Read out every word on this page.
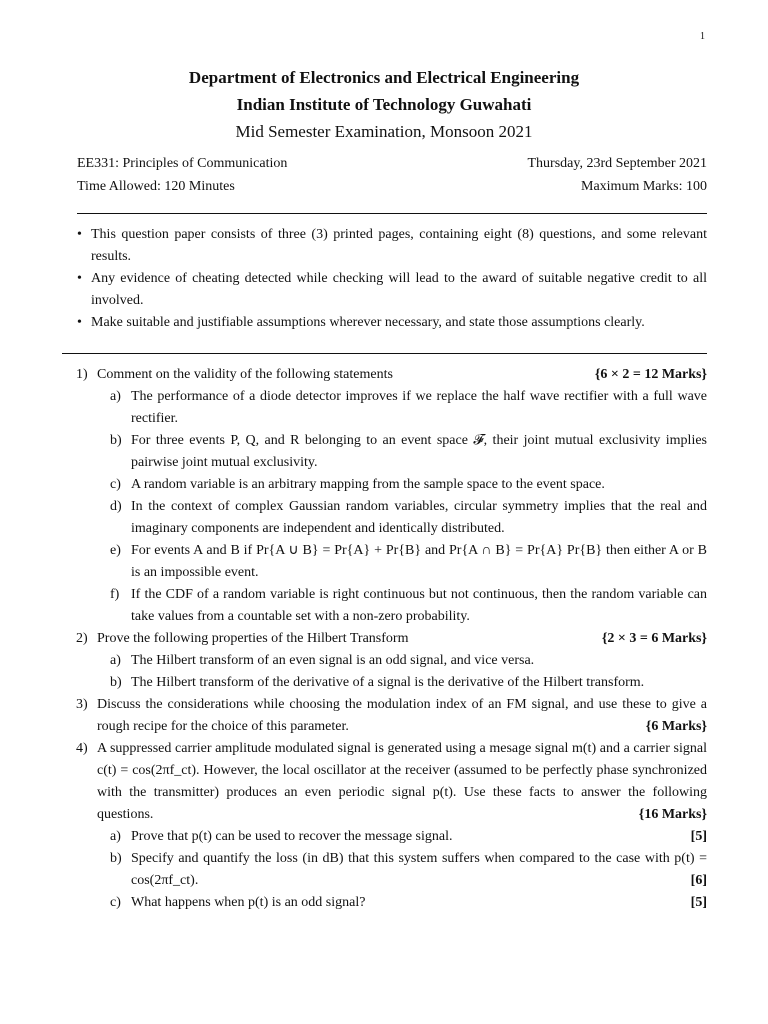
1
Department of Electronics and Electrical Engineering
Indian Institute of Technology Guwahati
Mid Semester Examination, Monsoon 2021
EE331: Principles of Communication	Thursday, 23rd September 2021
Time Allowed: 120 Minutes	Maximum Marks: 100
• This question paper consists of three (3) printed pages, containing eight (8) questions, and some relevant results.
• Any evidence of cheating detected while checking will lead to the award of suitable negative credit to all involved.
• Make suitable and justifiable assumptions wherever necessary, and state those assumptions clearly.
1)	{6 × 2 = 12 Marks}
Comment on the validity of the following statements
a) The performance of a diode detector improves if we replace the half wave rectifier with a full wave rectifier.
b) For three events P, Q, and R belonging to an event space 𝓕, their joint mutual exclusivity implies pairwise joint mutual exclusivity.
c) A random variable is an arbitrary mapping from the sample space to the event space.
d) In the context of complex Gaussian random variables, circular symmetry implies that the real and imaginary components are independent and identically distributed.
e) For events A and B if Pr{A ∪ B} = Pr{A} + Pr{B} and Pr{A ∩ B} = Pr{A} Pr{B} then either A or B is an impossible event.
f) If the CDF of a random variable is right continuous but not continuous, then the random variable can take values from a countable set with a non-zero probability.
2)	{2 × 3 = 6 Marks}
Prove the following properties of the Hilbert Transform
a) The Hilbert transform of an even signal is an odd signal, and vice versa.
b) The Hilbert transform of the derivative of a signal is the derivative of the Hilbert transform.
3) Discuss the considerations while choosing the modulation index of an FM signal, and use these to give a rough recipe for the choice of this parameter.	{6 Marks}
4) A suppressed carrier amplitude modulated signal is generated using a mesage signal m(t) and a carrier signal c(t) = cos(2πf_ct). However, the local oscillator at the receiver (assumed to be perfectly phase synchronized with the transmitter) produces an even periodic signal p(t). Use these facts to answer the following questions.	{16 Marks}
a) Prove that p(t) can be used to recover the message signal.	[5]
b) Specify and quantify the loss (in dB) that this system suffers when compared to the case with p(t) = cos(2πf_ct).	[6]
c) What happens when p(t) is an odd signal?	[5]
